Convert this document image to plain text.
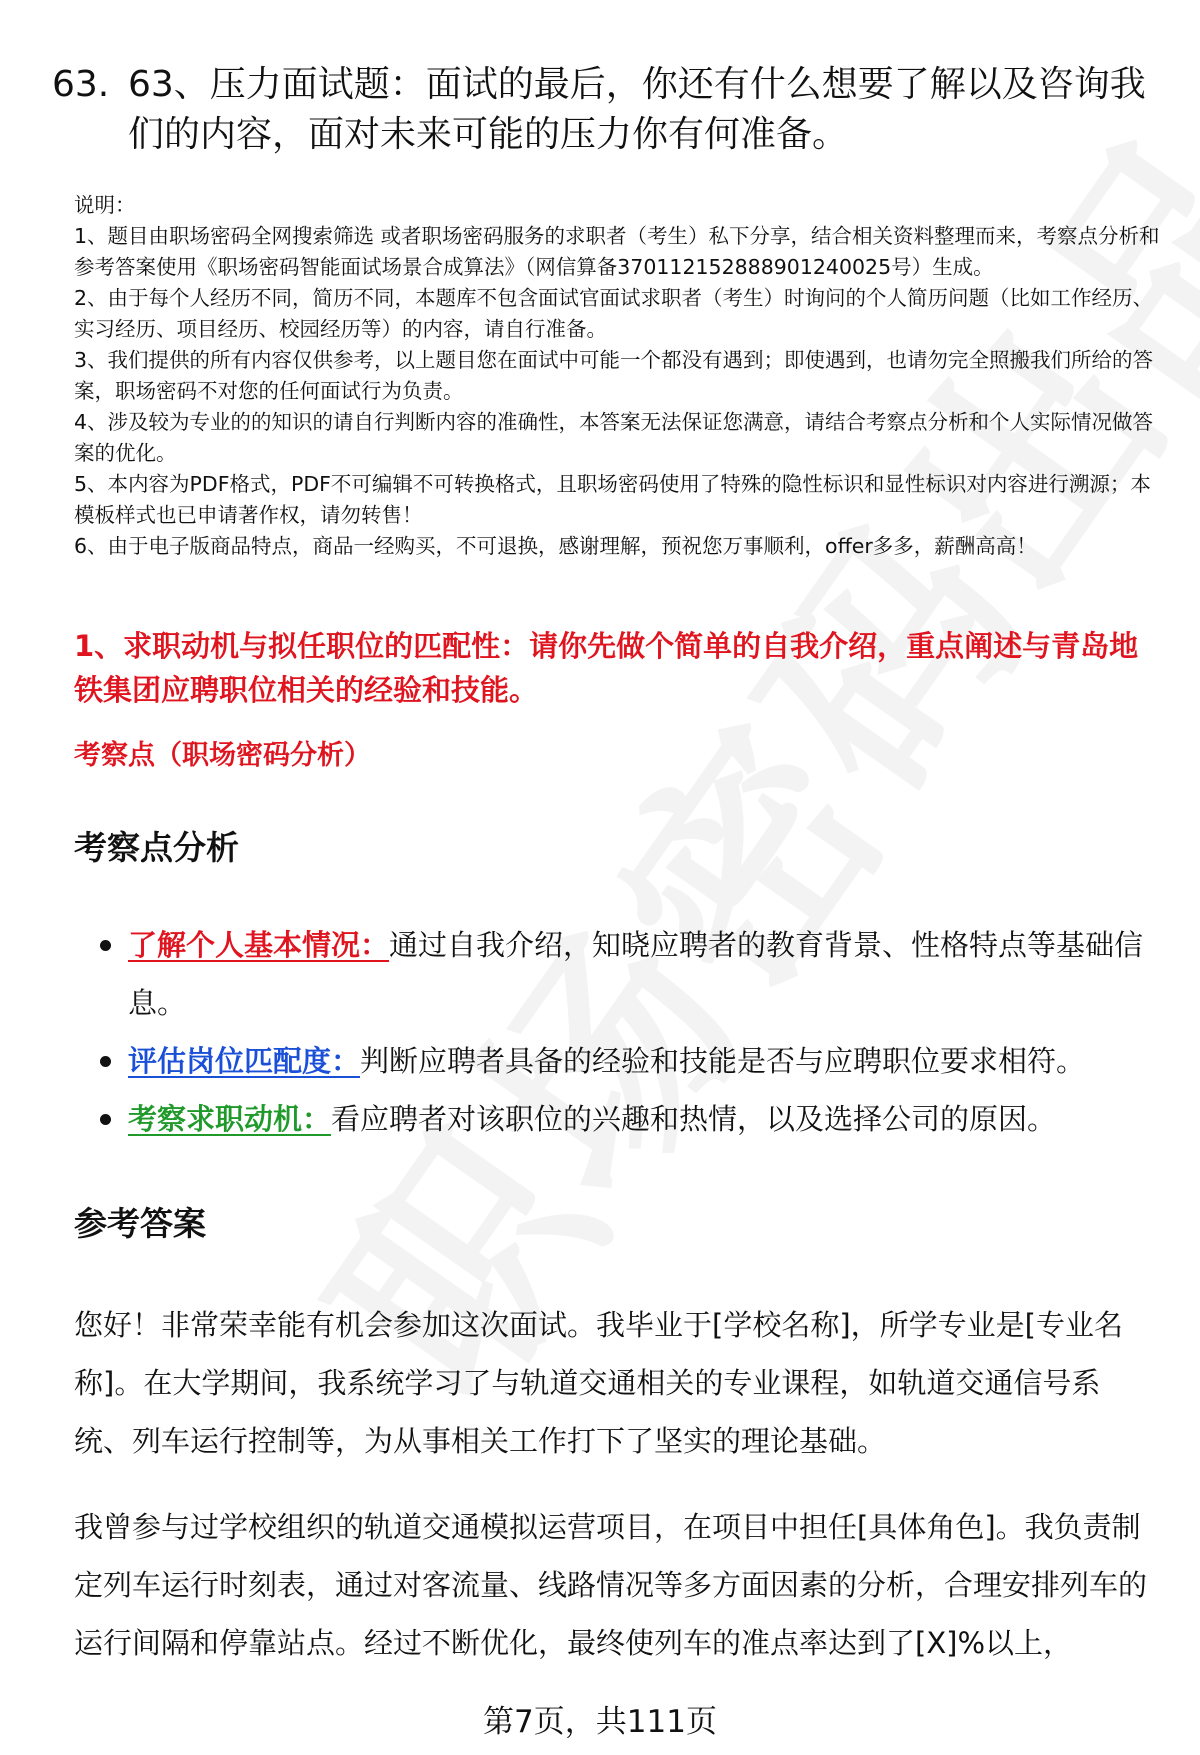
63. 63、压力面试题：面试的最后，你还有什么想要了解以及咨询我们的内容，面对未来可能的压力你有何准备。

说明：

1、题目由职场密码全网搜索筛选 或者职场密码服务的求职者（考生）私下分享，结合相关资料整理而来，考察点分析和参考答案使用《职场密码智能面试场景合成算法》（网信算备370112152888901240025号）生成。

2、由于每个人经历不同，简历不同，本题库不包含面试官面试求职者（考生）时询问的个人简历问题（比如工作经历、实习经历、项目经历、校园经历等）的内容，请自行准备。

3、我们提供的所有内容仅供参考，以上题目您在面试中可能一个都没有遇到；即使遇到，也请勿完全照搬我们所给的答案，职场密码不对您的任何面试行为负责。

4、涉及较为专业的的知识的请自行判断内容的准确性，本答案无法保证您满意，请结合考察点分析和个人实际情况做答案的优化。

5、本内容为PDF格式，PDF不可编辑不可转换格式，且职场密码使用了特殊的隐性标识和显性标识对内容进行溯源；本模板样式也已申请著作权，请勿转售！

6、由于电子版商品特点，商品一经购买，不可退换，感谢理解，预祝您万事顺利，offer多多，薪酬高高！

1、求职动机与拟任职位的匹配性：请你先做个简单的自我介绍，重点阐述与青岛地铁集团应聘职位相关的经验和技能。
考察点（职场密码分析）
考察点分析
了解个人基本情况：通过自我介绍，知晓应聘者的教育背景、性格特点等基础信息。
评估岗位匹配度：判断应聘者具备的经验和技能是否与应聘职位要求相符。
考察求职动机：看应聘者对该职位的兴趣和热情，以及选择公司的原因。
参考答案

您好！非常荣幸能有机会参加这次面试。我毕业于[学校名称]，所学专业是[专业名称]。在大学期间，我系统学习了与轨道交通相关的专业课程，如轨道交通信号系统、列车运行控制等，为从事相关工作打下了坚实的理论基础。

我曾参与过学校组织的轨道交通模拟运营项目，在项目中担任[具体角色]。我负责制定列车运行时刻表，通过对客流量、线路情况等多方面因素的分析，合理安排列车的运行间隔和停靠站点。经过不断优化，最终使列车的准点率达到了[X]%以上，

第7页，共111页
